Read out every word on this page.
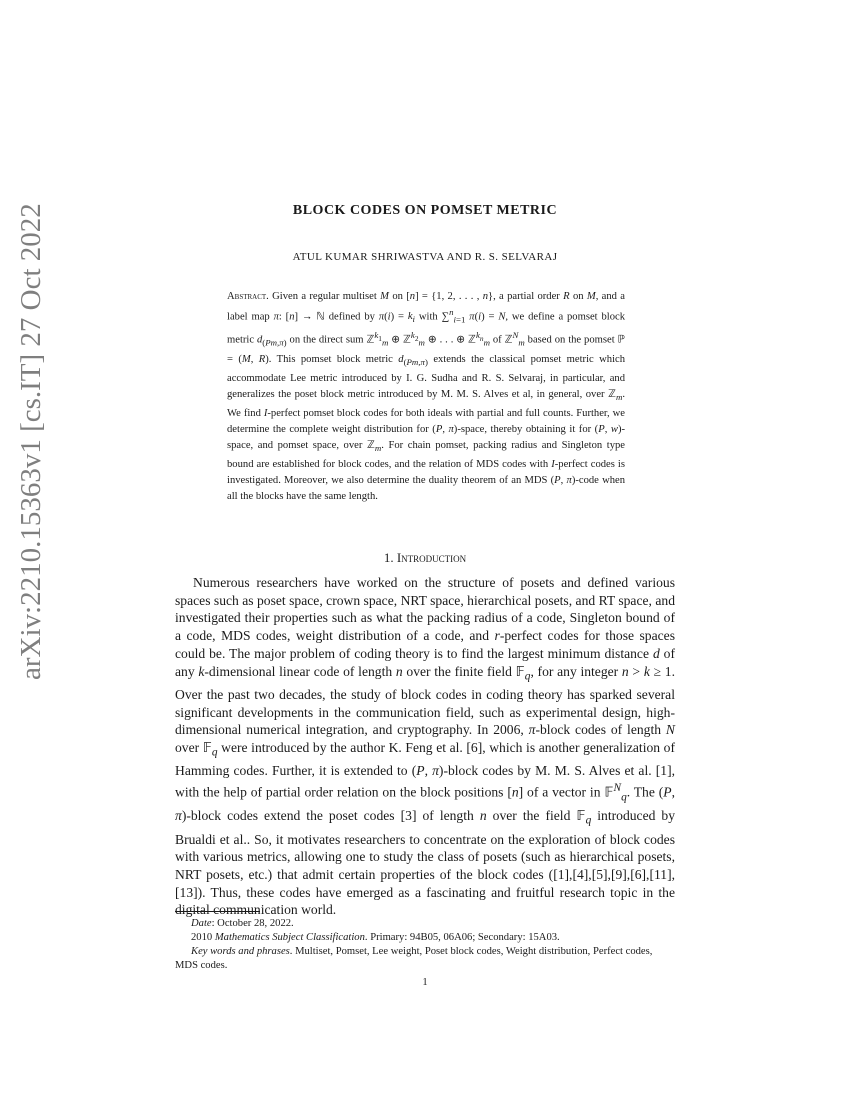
arXiv:2210.15363v1 [cs.IT] 27 Oct 2022	BLOCK CODES ON POMSET METRIC
ATUL KUMAR SHRIWASTVA AND R. S. SELVARAJ
Abstract. Given a regular multiset M on [n] = {1, 2, . . . , n}, a partial order R on M, and a label map π: [n] → ℕ defined by $\pi(i) = k_i$ with ∑$^n_{i=1}$ π(i) = N, we define a pomset block metric $d_{(Pm,\pi)}$ on the direct sum ℤ$^{k_1}_m$ ⊕ ℤ$^{k_2}_m$ ⊕ . . . ⊕ ℤ$^{k_n}_m$ of ℤ$^N_m$ based on the pomset ℙ = (M, R). This pomset block metric $d_{(Pm,\pi)}$ extends the classical pomset metric which accommodate Lee metric introduced by I. G. Sudha and R. S. Selvaraj, in particular, and generalizes the poset block metric introduced by M. M. S. Alves et al, in general, over ℤ$_m$. We find I-perfect pomset block codes for both ideals with partial and full counts. Further, we determine the complete weight distribution for (P, π)-space, thereby obtaining it for (P, w)-space, and pomset space, over ℤ$_m$. For chain pomset, packing radius and Singleton type bound are established for block codes, and the relation of MDS codes with I-perfect codes is investigated. Moreover, we also determine the duality theorem of an MDS (P, π)-code when all the blocks have the same length.
1. Introduction
Numerous researchers have worked on the structure of posets and defined various spaces such as poset space, crown space, NRT space, hierarchical posets, and RT space, and investigated their properties such as what the packing radius of a code, Singleton bound of a code, MDS codes, weight distribution of a code, and r-perfect codes for those spaces could be. The major problem of coding theory is to find the largest minimum distance d of any k-dimensional linear code of length n over the finite field 𝔽$_q$, for any integer n > k ≥ 1. Over the past two decades, the study of block codes in coding theory has sparked several significant developments in the communication field, such as experimental design, high-dimensional numerical integration, and cryptography. In 2006, π-block codes of length N over 𝔽$_q$ were introduced by the author K. Feng et al. [6], which is another generalization of Hamming codes. Further, it is extended to (P, π)-block codes by M. M. S. Alves et al. [1], with the help of partial order relation on the block positions [n] of a vector in 𝔽$^N_q$. The (P, π)-block codes extend the poset codes [3] of length n over the field 𝔽$_q$ introduced by Brualdi et al.. So, it motivates researchers to concentrate on the exploration of block codes with various metrics, allowing one to study the class of posets (such as hierarchical posets, NRT posets, etc.) that admit certain properties of the block codes ([1],[4],[5],[9],[6],[11],[13]). Thus, these codes have emerged as a fascinating and fruitful research topic in the digital communication world.
Date: October 28, 2022.
2010 Mathematics Subject Classification. Primary: 94B05, 06A06; Secondary: 15A03.
Key words and phrases. Multiset, Pomset, Lee weight, Poset block codes, Weight distribution, Perfect codes, MDS codes.
1
